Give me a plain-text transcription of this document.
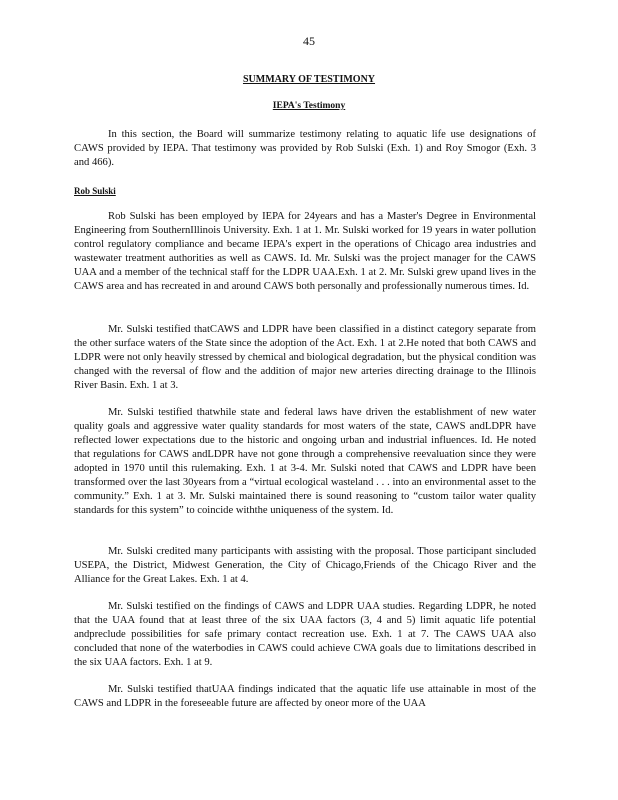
45
SUMMARY OF TESTIMONY
IEPA's Testimony

In this section, the Board will summarize testimony relating to aquatic life use designations of CAWS provided by IEPA. That testimony was provided by Rob Sulski (Exh. 1) and Roy Smogor (Exh. 3 and 466).

Rob Sulski

Rob Sulski has been employed by IEPA for 24years and has a Master's Degree in Environmental Engineering from SouthernIllinois University. Exh. 1 at 1. Mr. Sulski worked for 19 years in water pollution control regulatory compliance and became IEPA's expert in the operations of Chicago area industries and wastewater treatment authorities as well as CAWS. Id. Mr. Sulski was the project manager for the CAWS UAA and a member of the technical staff for the LDPR UAA.Exh. 1 at 2. Mr. Sulski grew upand lives in the CAWS area and has recreated in and around CAWS both personally and professionally numerous times. Id.

Mr. Sulski testified thatCAWS and LDPR have been classified in a distinct category separate from the other surface waters of the State since the adoption of the Act. Exh. 1 at 2.He noted that both CAWS and LDPR were not only heavily stressed by chemical and biological degradation, but the physical condition was changed with the reversal of flow and the addition of major new arteries directing drainage to the Illinois River Basin. Exh. 1 at 3.

Mr. Sulski testified thatwhile state and federal laws have driven the establishment of new water quality goals and aggressive water quality standards for most waters of the state, CAWS andLDPR have reflected lower expectations due to the historic and ongoing urban and industrial influences. Id. He noted that regulations for CAWS andLDPR have not gone through a comprehensive reevaluation since they were adopted in 1970 until this rulemaking. Exh. 1 at 3-4. Mr. Sulski noted that CAWS and LDPR have been transformed over the last 30years from a “virtual ecological wasteland . . . into an environmental asset to the community.” Exh. 1 at 3. Mr. Sulski maintained there is sound reasoning to “custom tailor water quality standards for this system” to coincide withthe uniqueness of the system. Id.

Mr. Sulski credited many participants with assisting with the proposal. Those participant sincluded USEPA, the District, Midwest Generation, the City of Chicago,Friends of the Chicago River and the Alliance for the Great Lakes. Exh. 1 at 4.

Mr. Sulski testified on the findings of CAWS and LDPR UAA studies. Regarding LDPR, he noted that the UAA found that at least three of the six UAA factors (3, 4 and 5) limit aquatic life potential andpreclude possibilities for safe primary contact recreation use. Exh. 1 at 7. The CAWS UAA also concluded that none of the waterbodies in CAWS could achieve CWA goals due to limitations described in the six UAA factors. Exh. 1 at 9.

Mr. Sulski testified thatUAA findings indicated that the aquatic life use attainable in most of the CAWS and LDPR in the foreseeable future are affected by oneor more of the UAA
